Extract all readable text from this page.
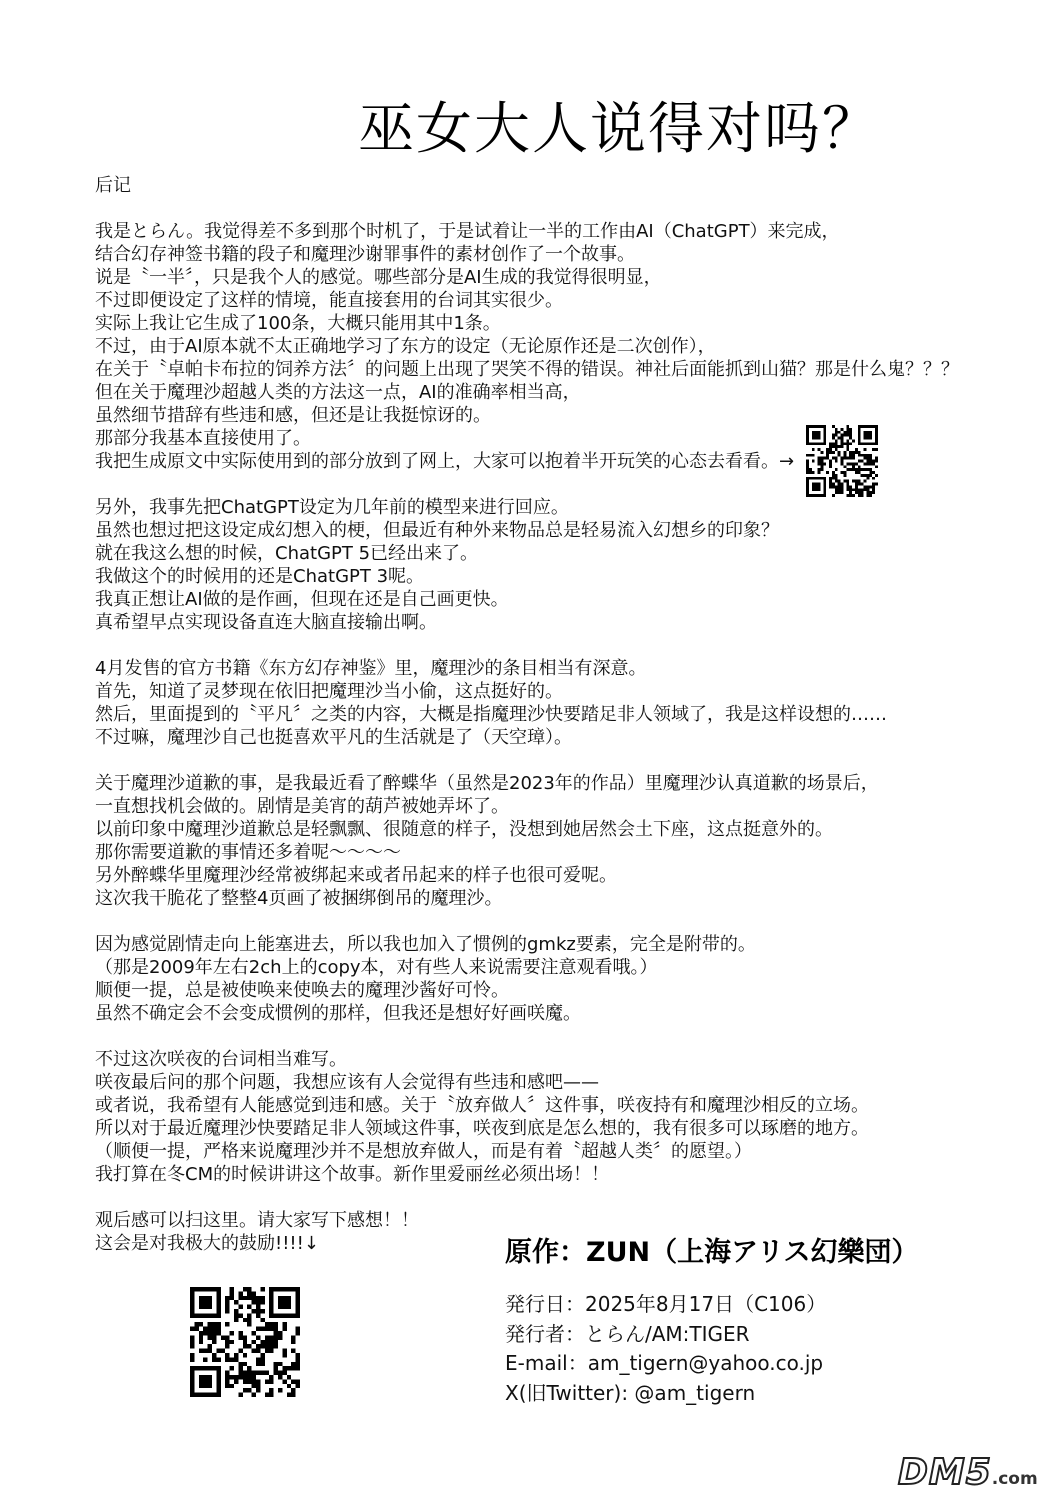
巫女大人说得对吗？
后记
我是とらん。我觉得差不多到那个时机了，于是试着让一半的工作由AI（ChatGPT）来完成，
结合幻存神签书籍的段子和魔理沙谢罪事件的素材创作了一个故事。
说是〝一半〞，只是我个人的感觉。哪些部分是AI生成的我觉得很明显，
不过即便设定了这样的情境，能直接套用的台词其实很少。
实际上我让它生成了100条，大概只能用其中1条。
不过，由于AI原本就不太正确地学习了东方的设定（无论原作还是二次创作），
在关于〝卓帕卡布拉的饲养方法〞的问题上出现了哭笑不得的错误。神社后面能抓到山猫？那是什么鬼？？？
但在关于魔理沙超越人类的方法这一点，AI的准确率相当高，
虽然细节措辞有些违和感，但还是让我挺惊讶的。
那部分我基本直接使用了。
我把生成原文中实际使用到的部分放到了网上，大家可以抱着半开玩笑的心态去看看。→
另外，我事先把ChatGPT设定为几年前的模型来进行回应。
虽然也想过把这设定成幻想入的梗，但最近有种外来物品总是轻易流入幻想乡的印象？
就在我这么想的时候，ChatGPT 5已经出来了。
我做这个的时候用的还是ChatGPT 3呢。
我真正想让AI做的是作画，但现在还是自己画更快。
真希望早点实现设备直连大脑直接输出啊。
4月发售的官方书籍《东方幻存神鉴》里，魔理沙的条目相当有深意。
首先，知道了灵梦现在依旧把魔理沙当小偷，这点挺好的。
然后，里面提到的〝平凡〞之类的内容，大概是指魔理沙快要踏足非人领域了，我是这样设想的……
不过嘛，魔理沙自己也挺喜欢平凡的生活就是了（天空璋）。
关于魔理沙道歉的事，是我最近看了醉蝶华（虽然是2023年的作品）里魔理沙认真道歉的场景后，
一直想找机会做的。剧情是美宵的葫芦被她弄坏了。
以前印象中魔理沙道歉总是轻飘飘、很随意的样子，没想到她居然会土下座，这点挺意外的。
那你需要道歉的事情还多着呢～～～～
另外醉蝶华里魔理沙经常被绑起来或者吊起来的样子也很可爱呢。
这次我干脆花了整整4页画了被捆绑倒吊的魔理沙。
因为感觉剧情走向上能塞进去，所以我也加入了惯例的gmkz要素，完全是附带的。
（那是2009年左右2ch上的copy本，对有些人来说需要注意观看哦。）
顺便一提，总是被使唤来使唤去的魔理沙酱好可怜。
虽然不确定会不会变成惯例的那样，但我还是想好好画咲魔。
不过这次咲夜的台词相当难写。
咲夜最后问的那个问题，我想应该有人会觉得有些违和感吧——
或者说，我希望有人能感觉到违和感。关于〝放弃做人〞这件事，咲夜持有和魔理沙相反的立场。
所以对于最近魔理沙快要踏足非人领域这件事，咲夜到底是怎么想的，我有很多可以琢磨的地方。
（顺便一提，严格来说魔理沙并不是想放弃做人，而是有着〝超越人类〞的愿望。）
我打算在冬CM的时候讲讲这个故事。新作里爱丽丝必须出场！！
观后感可以扫这里。请大家写下感想！！
这会是对我极大的鼓励!!!!↓	原作：ZUN（上海アリス幻樂団）
発行日：2025年8月17日（C106）
発行者：とらん/AM:TIGER
E-mail：am_tigern@yahoo.co.jp
X(旧Twitter): @am_tigern
DM5.com
